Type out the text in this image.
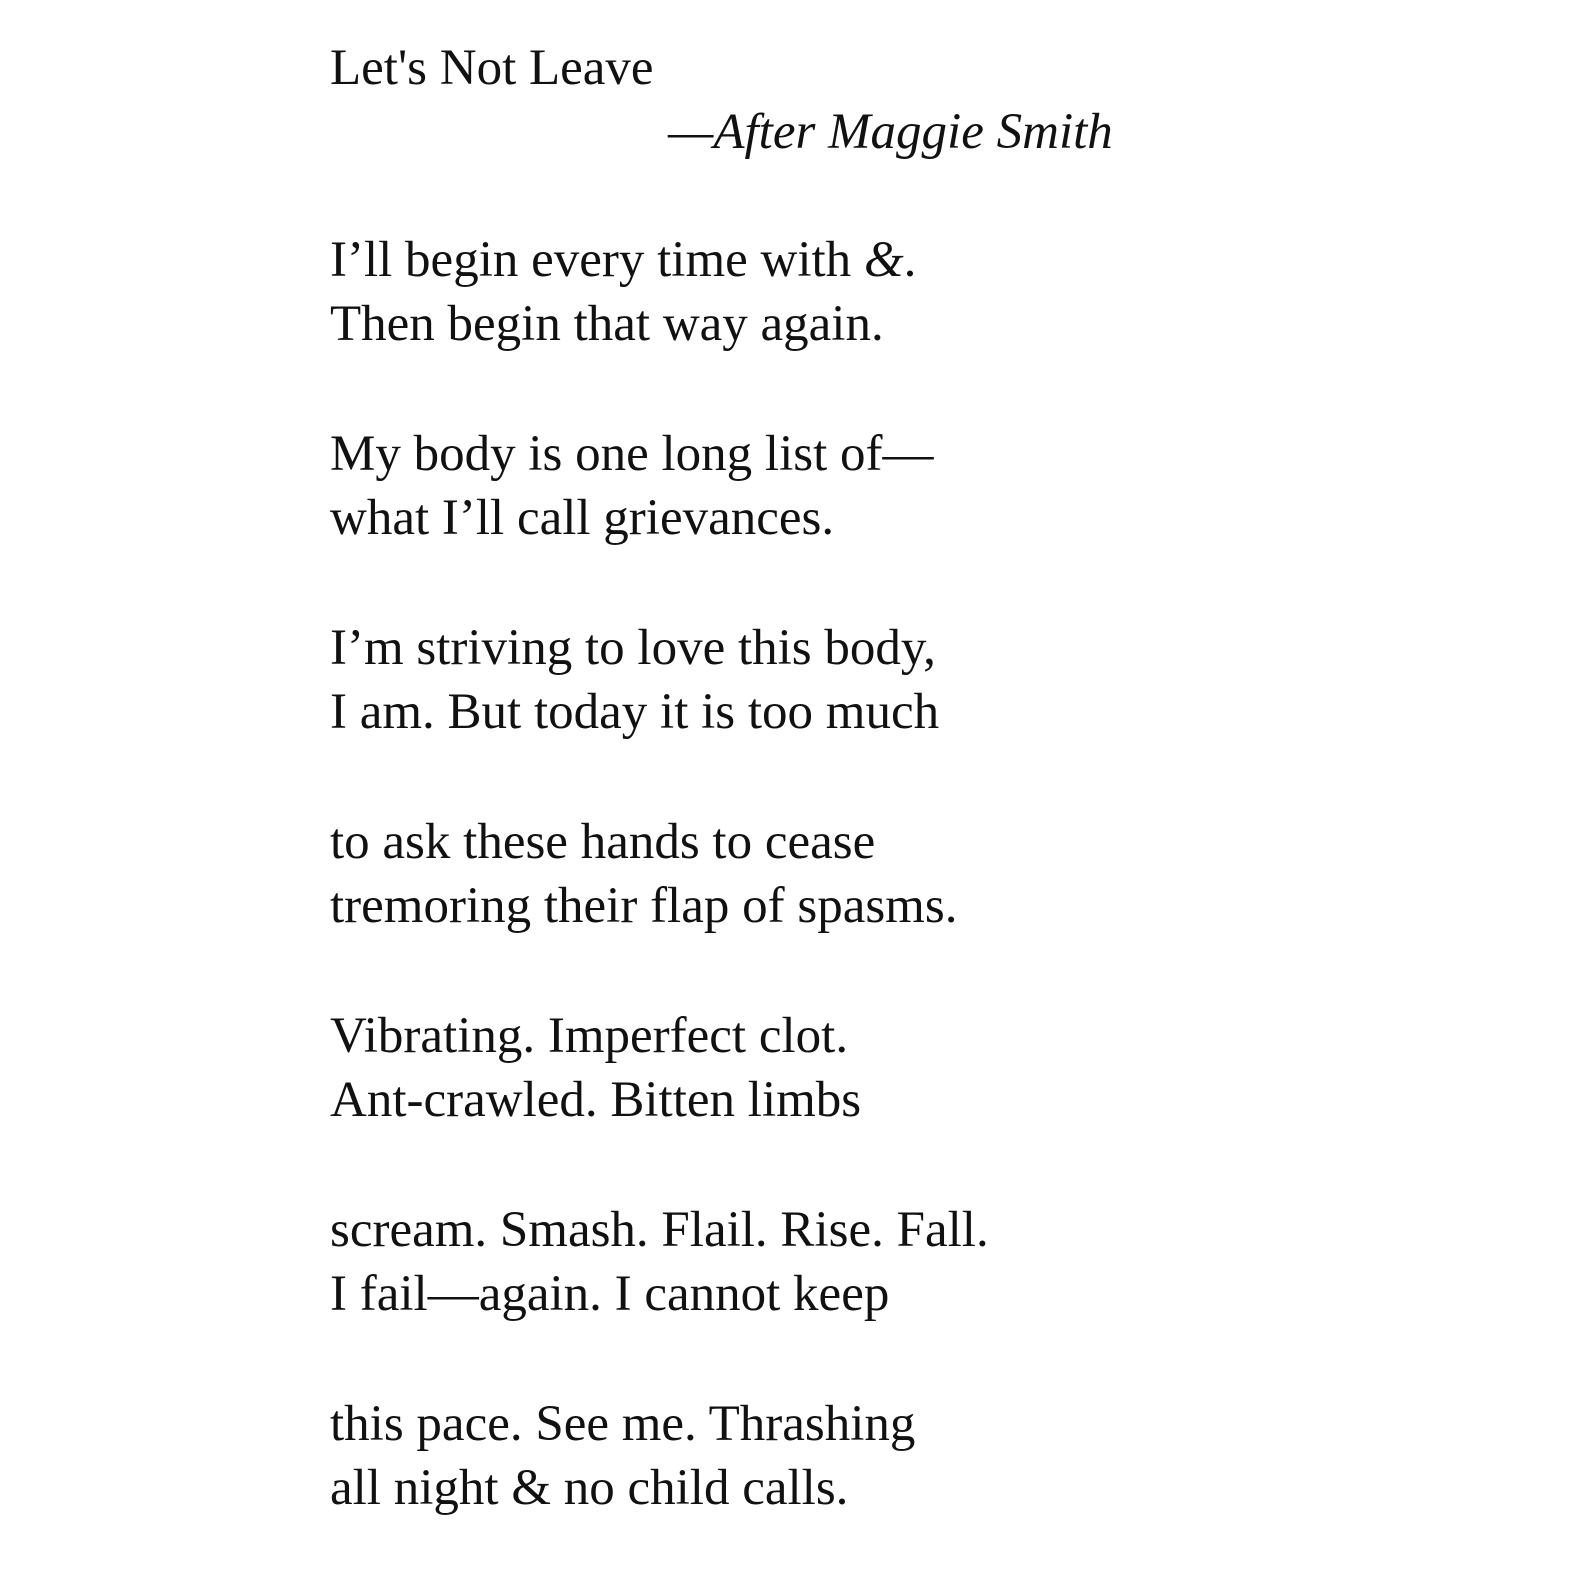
Let's Not Leave
—After Maggie Smith
I’ll begin every time with &.
Then begin that way again.
My body is one long list of—
what I’ll call grievances.
I’m striving to love this body,
I am. But today it is too much
to ask these hands to cease
tremoring their flap of spasms.
Vibrating. Imperfect clot.
Ant-crawled. Bitten limbs
scream. Smash. Flail. Rise. Fall.
I fail—again. I cannot keep
this pace. See me. Thrashing
all night & no child calls.
